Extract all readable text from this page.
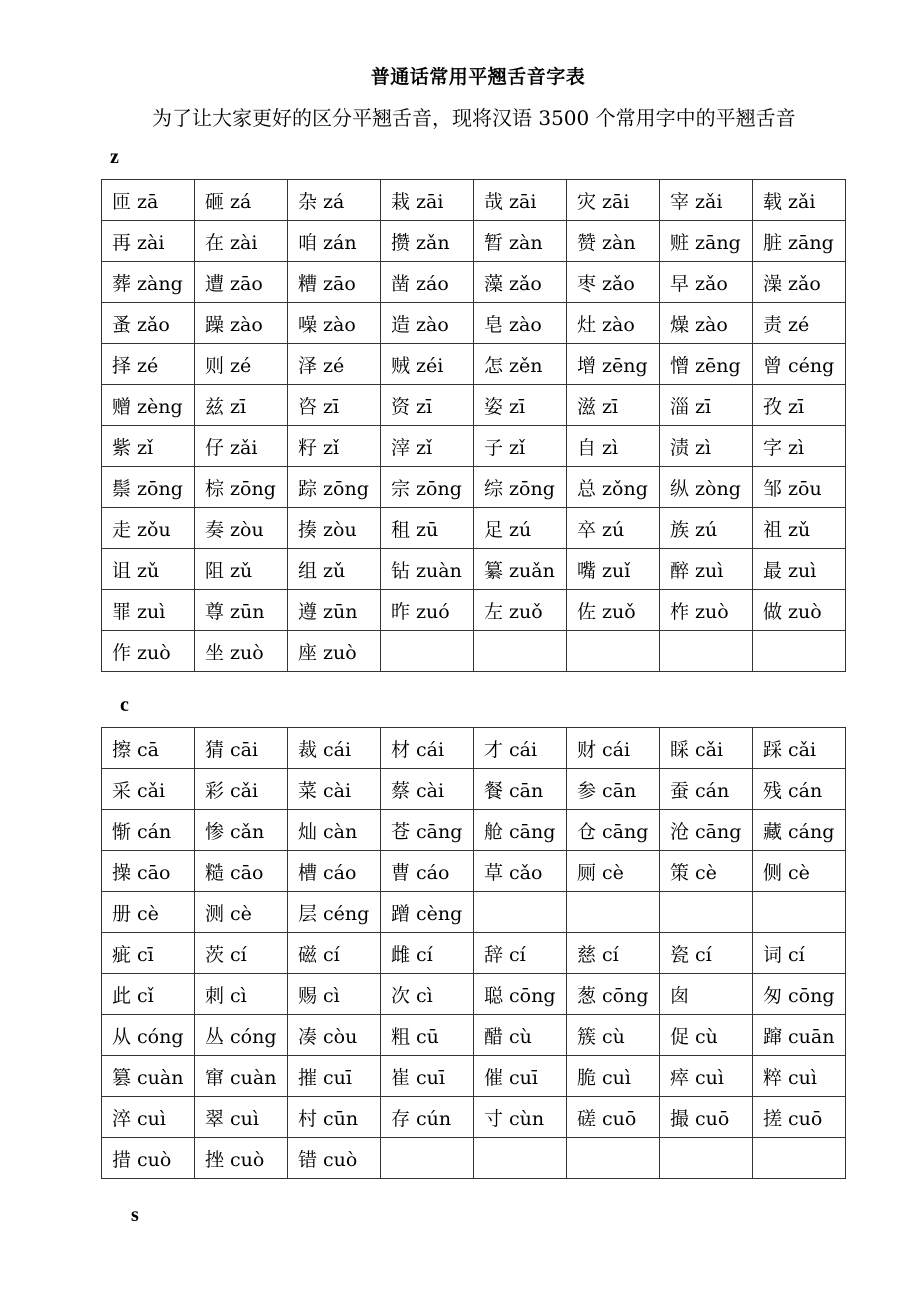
普通话常用平翘舌音字表
为了让大家更好的区分平翘舌音，现将汉语 3500 个常用字中的平翘舌音
z
匝 zā	砸 zá	杂 zá	栽 zāi	哉 zāi	灾 zāi	宰 zǎi	载 zǎi
再 zài	在 zài	咱 zán	攒 zǎn	暂 zàn	赞 zàn	赃 zāng	脏 zāng
葬 zàng	遭 zāo	糟 zāo	凿 záo	藻 zǎo	枣 zǎo	早 zǎo	澡 zǎo
蚤 zǎo	躁 zào	噪 zào	造 zào	皂 zào	灶 zào	燥 zào	责 zé
择 zé	则 zé	泽 zé	贼 zéi	怎 zěn	增 zēng	憎 zēng	曾 céng
赠 zèng	兹 zī	咨 zī	资 zī	姿 zī	滋 zī	淄 zī	孜 zī
紫 zǐ	仔 zǎi	籽 zǐ	滓 zǐ	子 zǐ	自 zì	渍 zì	字 zì
鬃 zōng	棕 zōng	踪 zōng	宗 zōng	综 zōng	总 zǒng	纵 zòng	邹 zōu
走 zǒu	奏 zòu	揍 zòu	租 zū	足 zú	卒 zú	族 zú	祖 zǔ
诅 zǔ	阻 zǔ	组 zǔ	钻 zuàn	纂 zuǎn	嘴 zuǐ	醉 zuì	最 zuì
罪 zuì	尊 zūn	遵 zūn	昨 zuó	左 zuǒ	佐 zuǒ	柞 zuò	做 zuò
作 zuò	坐 zuò	座 zuò					
c
擦 cā	猜 cāi	裁 cái	材 cái	才 cái	财 cái	睬 cǎi	踩 cǎi
采 cǎi	彩 cǎi	菜 cài	蔡 cài	餐 cān	参 cān	蚕 cán	残 cán
惭 cán	惨 cǎn	灿 càn	苍 cāng	舱 cāng	仓 cāng	沧 cāng	藏 cáng
操 cāo	糙 cāo	槽 cáo	曹 cáo	草 cǎo	厕 cè	策 cè	侧 cè
册 cè	测 cè	层 céng	蹭 cèng				
疵 cī	茨 cí	磁 cí	雌 cí	辞 cí	慈 cí	瓷 cí	词 cí
此 cǐ	刺 cì	赐 cì	次 cì	聪 cōng	葱 cōng	囱	匆 cōng
从 cóng	丛 cóng	凑 còu	粗 cū	醋 cù	簇 cù	促 cù	蹿 cuān
篡 cuàn	窜 cuàn	摧 cuī	崔 cuī	催 cuī	脆 cuì	瘁 cuì	粹 cuì
淬 cuì	翠 cuì	村 cūn	存 cún	寸 cùn	磋 cuō	撮 cuō	搓 cuō
措 cuò	挫 cuò	错 cuò					
s
